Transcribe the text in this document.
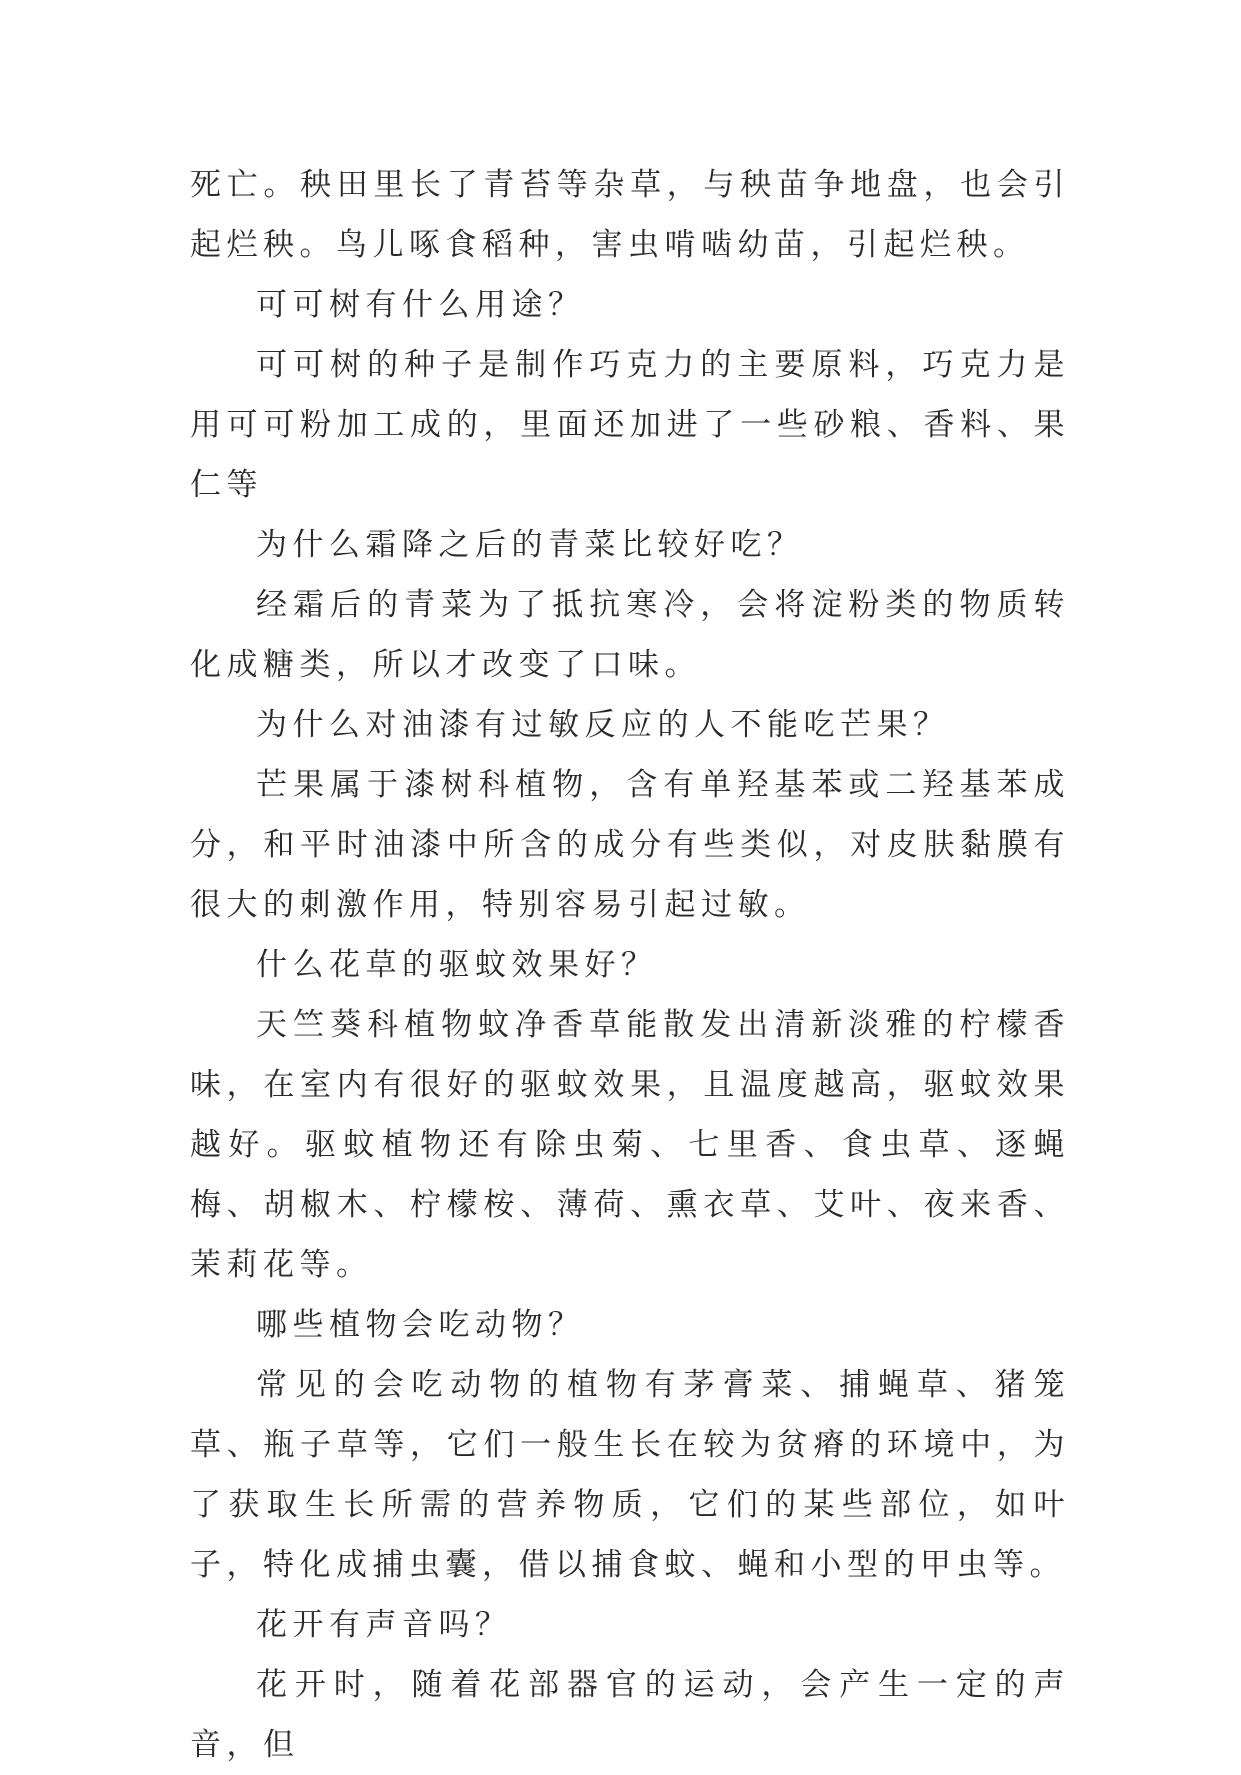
死亡。秧田里长了青苔等杂草，与秧苗争地盘，也会引起烂秧。鸟儿啄食稻种，害虫啃啮幼苗，引起烂秧。

可可树有什么用途？

可可树的种子是制作巧克力的主要原料，巧克力是用可可粉加工成的，里面还加进了一些砂粮、香料、果仁等

为什么霜降之后的青菜比较好吃？

经霜后的青菜为了抵抗寒冷，会将淀粉类的物质转化成糖类，所以才改变了口味。

为什么对油漆有过敏反应的人不能吃芒果？

芒果属于漆树科植物，含有单羟基苯或二羟基苯成分，和平时油漆中所含的成分有些类似，对皮肤黏膜有很大的刺激作用，特别容易引起过敏。

什么花草的驱蚊效果好？

天竺葵科植物蚊净香草能散发出清新淡雅的柠檬香味，在室内有很好的驱蚊效果，且温度越高，驱蚊效果越好。驱蚊植物还有除虫菊、七里香、食虫草、逐蝇梅、胡椒木、柠檬桉、薄荷、熏衣草、艾叶、夜来香、茉莉花等。

哪些植物会吃动物？

常见的会吃动物的植物有茅膏菜、捕蝇草、猪笼草、瓶子草等，它们一般生长在较为贫瘠的环境中，为了获取生长所需的营养物质，它们的某些部位，如叶子，特化成捕虫囊，借以捕食蚊、蝇和小型的甲虫等。

花开有声音吗？

花开时，随着花部器官的运动，会产生一定的声音，但
